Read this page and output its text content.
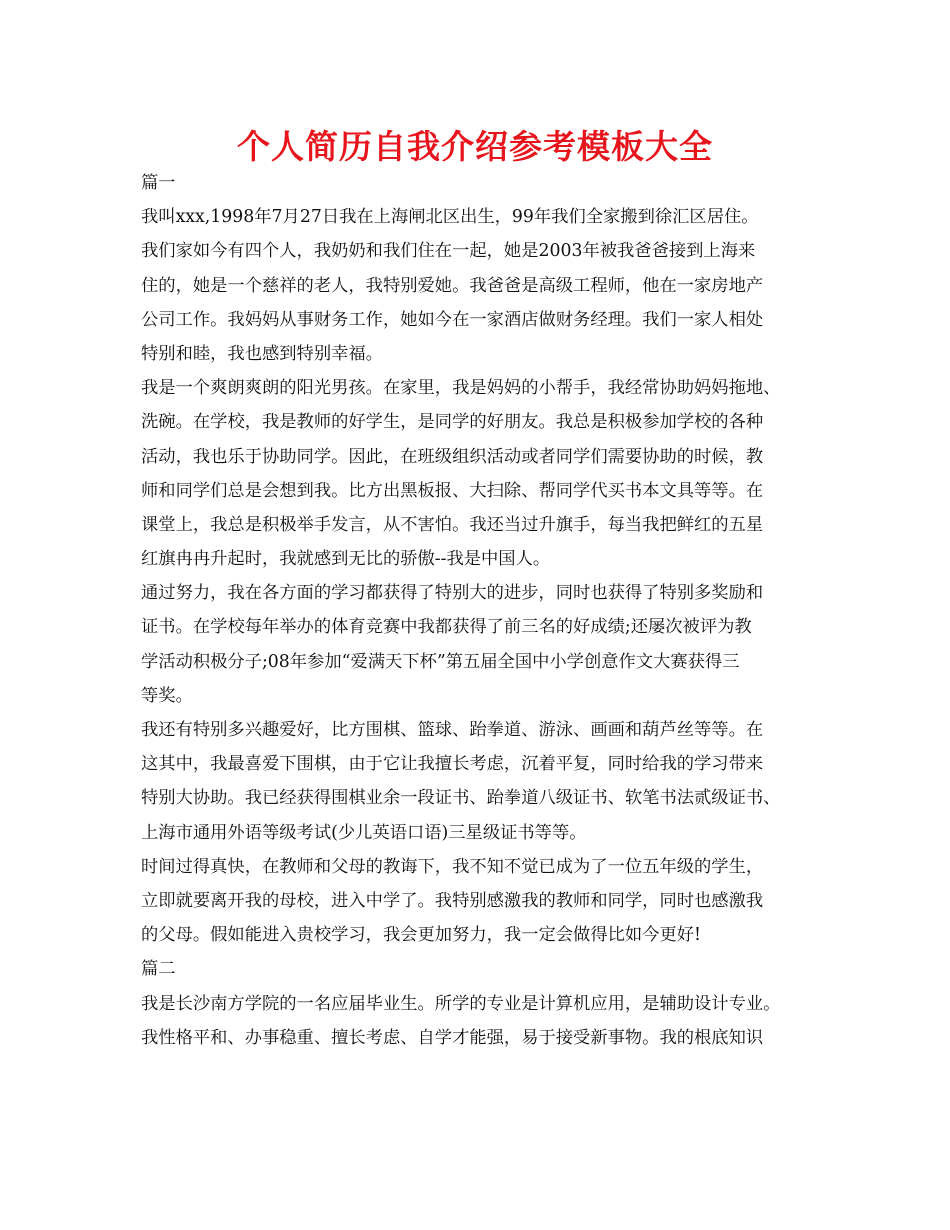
个人简历自我介绍参考模板大全
篇一
我叫xxx,1998年7月27日我在上海闸北区出生，99年我们全家搬到徐汇区居住。
我们家如今有四个人，我奶奶和我们住在一起，她是2003年被我爸爸接到上海来
住的，她是一个慈祥的老人，我特别爱她。我爸爸是高级工程师，他在一家房地产
公司工作。我妈妈从事财务工作，她如今在一家酒店做财务经理。我们一家人相处
特别和睦，我也感到特别幸福。
我是一个爽朗爽朗的阳光男孩。在家里，我是妈妈的小帮手，我经常协助妈妈拖地、
洗碗。在学校，我是教师的好学生，是同学的好朋友。我总是积极参加学校的各种
活动，我也乐于协助同学。因此，在班级组织活动或者同学们需要协助的时候，教
师和同学们总是会想到我。比方出黑板报、大扫除、帮同学代买书本文具等等。在
课堂上，我总是积极举手发言，从不害怕。我还当过升旗手，每当我把鲜红的五星
红旗冉冉升起时，我就感到无比的骄傲--我是中国人。
通过努力，我在各方面的学习都获得了特别大的进步，同时也获得了特别多奖励和
证书。在学校每年举办的体育竞赛中我都获得了前三名的好成绩;还屡次被评为教
学活动积极分子;08年参加“爱满天下杯”第五届全国中小学创意作文大赛获得三
等奖。
我还有特别多兴趣爱好，比方围棋、篮球、跆拳道、游泳、画画和葫芦丝等等。在
这其中，我最喜爱下围棋，由于它让我擅长考虑，沉着平复，同时给我的学习带来
特别大协助。我已经获得围棋业余一段证书、跆拳道八级证书、软笔书法贰级证书、
上海市通用外语等级考试(少儿英语口语)三星级证书等等。
时间过得真快，在教师和父母的教诲下，我不知不觉已成为了一位五年级的学生，
立即就要离开我的母校，进入中学了。我特别感激我的教师和同学，同时也感激我
的父母。假如能进入贵校学习，我会更加努力，我一定会做得比如今更好!
篇二
我是长沙南方学院的一名应届毕业生。所学的专业是计算机应用，是辅助设计专业。
我性格平和、办事稳重、擅长考虑、自学才能强，易于接受新事物。我的根底知识
